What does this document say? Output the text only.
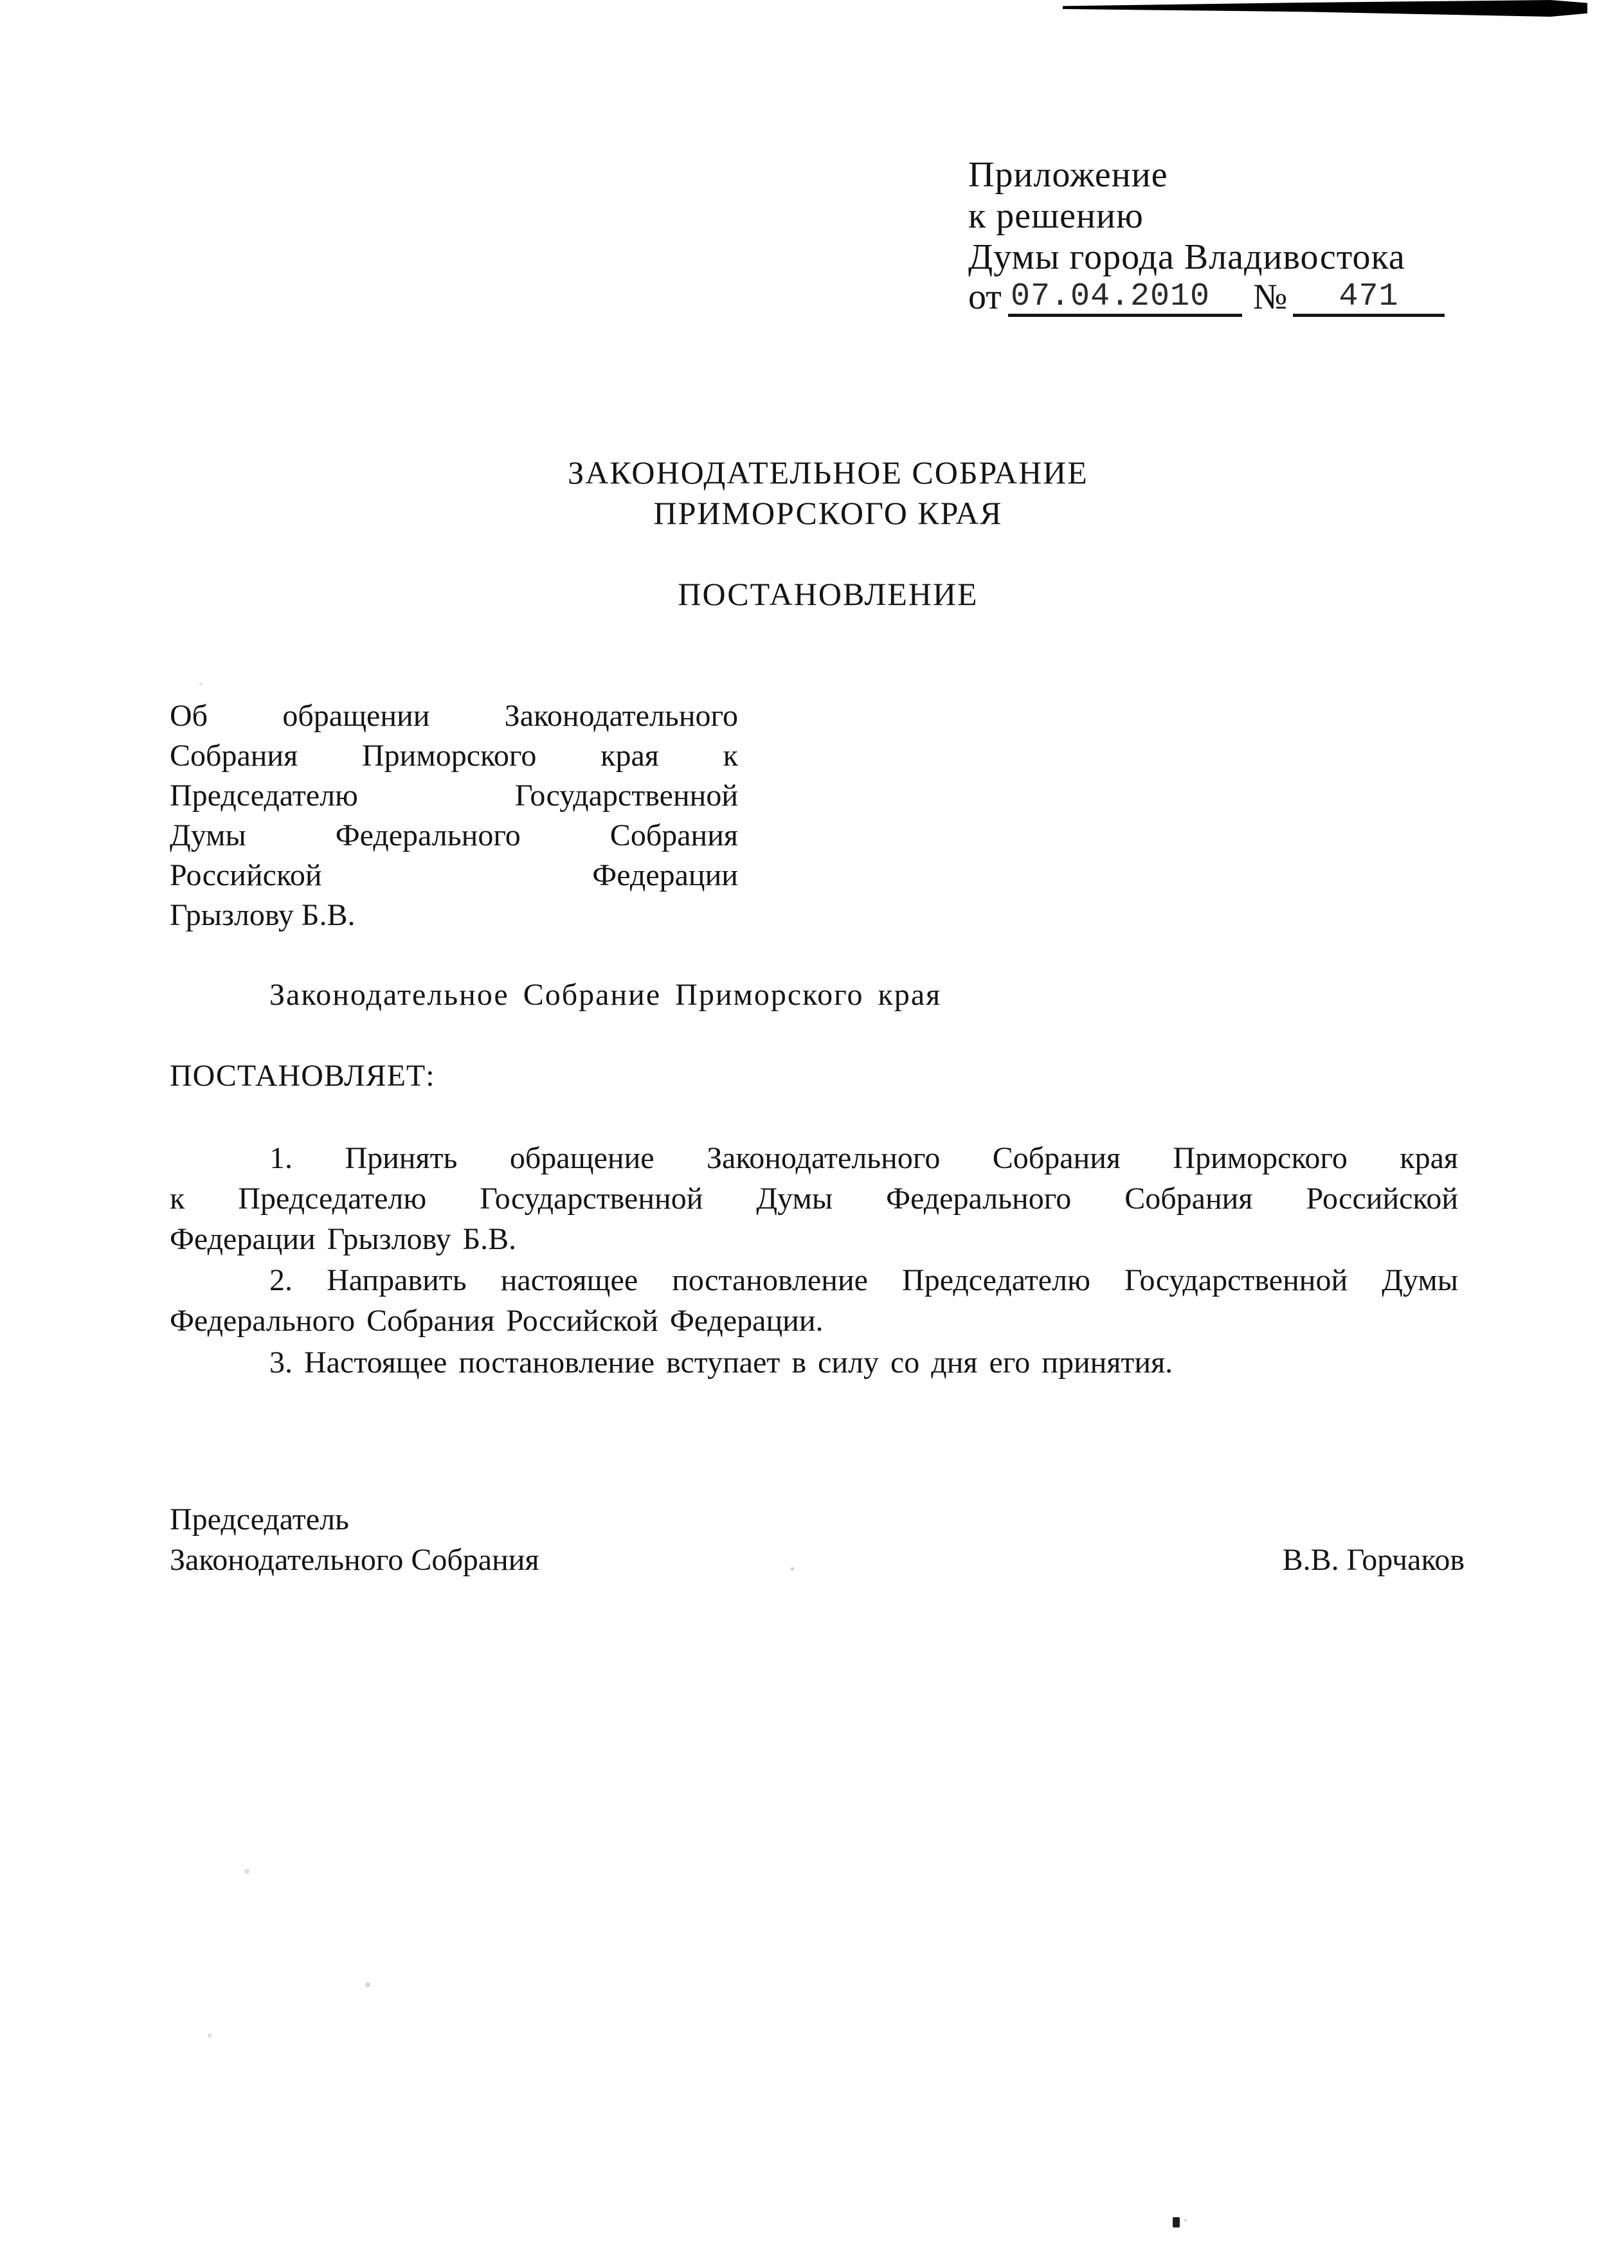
Приложение
к решению
Думы города Владивостока
от 07.04.2010 №	471
ЗАКОНОДАТЕЛЬНОЕ СОБРАНИЕ
ПРИМОРСКОГО КРАЯ
ПОСТАНОВЛЕНИЕ
Об обращении Законодательного
Собрания Приморского края к
Председателю Государственной
Думы Федерального Собрания
Российской Федерации
Грызлову Б.В.
Законодательное Собрание Приморского края
ПОСТАНОВЛЯЕТ:
1. Принять обращение Законодательного Собрания Приморского края
к Председателю Государственной Думы Федерального Собрания Российской
Федерации Грызлову Б.В.
2. Направить настоящее постановление Председателю Государственной Думы
Федерального Собрания Российской Федерации.
3. Настоящее постановление вступает в силу со дня его принятия.
Председатель
Законодательного Собрания	В.В. Горчаков
